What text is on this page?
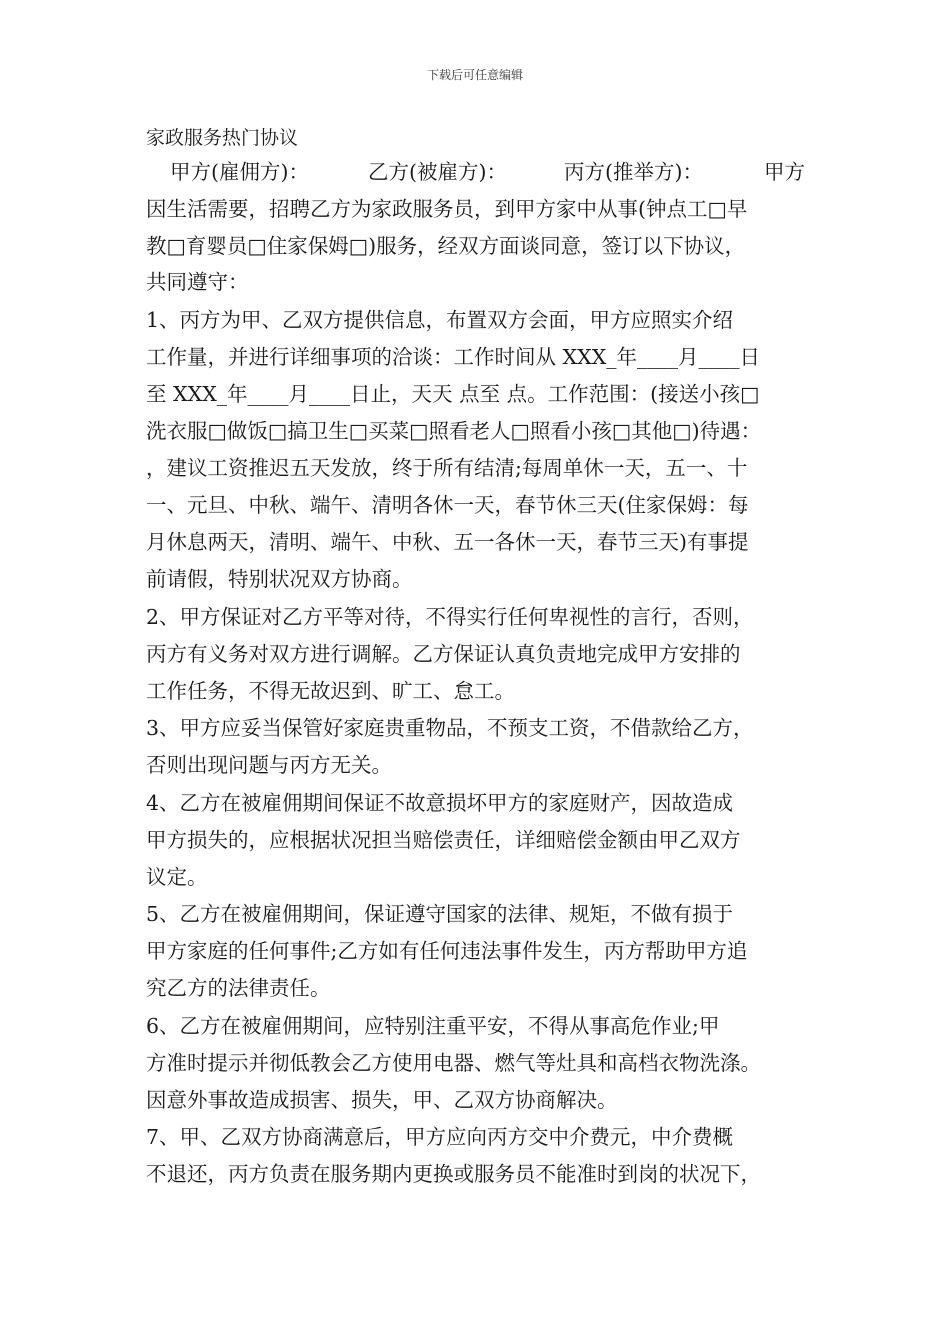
下载后可任意编辑
家政服务热门协议
甲方(雇佣方)：	乙方(被雇方)：	丙方(推举方)：	甲方
因生活需要，招聘乙方为家政服务员，到甲方家中从事(钟点工□早
教□育婴员□住家保姆□)服务，经双方面谈同意，签订以下协议，
共同遵守：
1、丙方为甲、乙双方提供信息，布置双方会面，甲方应照实介绍
工作量，并进行详细事项的洽谈：工作时间从 XXX_年____月____日
至 XXX_年____月____日止，天天 点至 点。工作范围：(接送小孩□
洗衣服□做饭□搞卫生□买菜□照看老人□照看小孩□其他□)待遇：
，建议工资推迟五天发放，终于所有结清;每周单休一天，五一、十
一、元旦、中秋、端午、清明各休一天，春节休三天(住家保姆：每
月休息两天，清明、端午、中秋、五一各休一天，春节三天)有事提
前请假，特别状况双方协商。
2、甲方保证对乙方平等对待，不得实行任何卑视性的言行，否则，
丙方有义务对双方进行调解。乙方保证认真负责地完成甲方安排的
工作任务，不得无故迟到、旷工、怠工。
3、甲方应妥当保管好家庭贵重物品，不预支工资，不借款给乙方，
否则出现问题与丙方无关。
4、乙方在被雇佣期间保证不故意损坏甲方的家庭财产，因故造成
甲方损失的，应根据状况担当赔偿责任，详细赔偿金额由甲乙双方
议定。
5、乙方在被雇佣期间，保证遵守国家的法律、规矩，不做有损于
甲方家庭的任何事件;乙方如有任何违法事件发生，丙方帮助甲方追
究乙方的法律责任。
6、乙方在被雇佣期间，应特别注重平安，不得从事高危作业;甲
方准时提示并彻低教会乙方使用电器、燃气等灶具和高档衣物洗涤。
因意外事故造成损害、损失，甲、乙双方协商解决。
7、甲、乙双方协商满意后，甲方应向丙方交中介费元，中介费概
不退还，丙方负责在服务期内更换或服务员不能准时到岗的状况下，
